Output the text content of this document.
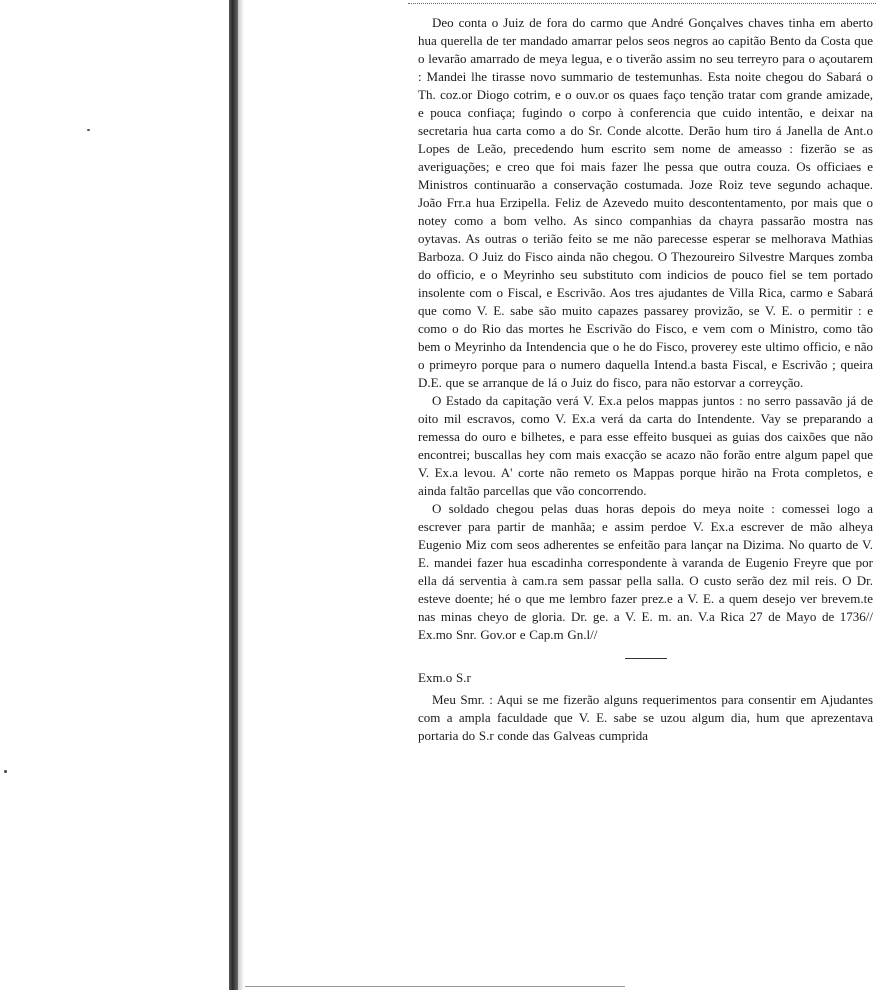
Deo conta o Juiz de fora do carmo que André Gonçalves chaves tinha em aberto hua querella de ter mandado amarrar pelos seos negros ao capitão Bento da Costa que o levarão amarrado de meya legua, e o tiverão assim no seu terreyro para o açoutarem : Mandei lhe tirasse novo summario de testemunhas. Esta noite chegou do Sabará o Th. coz.or Diogo cotrim, e o ouv.or os quaes faço tenção tratar com grande amizade, e pouca confiaça; fugindo o corpo à conferencia que cuido intentão, e deixar na secretaria hua carta como a do Sr. Conde alcotte. Derão hum tiro á Janella de Ant.o Lopes de Leão, precedendo hum escrito sem nome de ameasso : fizerão se as averiguações; e creo que foi mais fazer lhe pessa que outra couza. Os officiaes e Ministros continuarão a conservação costumada. Joze Roiz teve segundo achaque. João Frr.a hua Erzipella. Feliz de Azevedo muito descontentamento, por mais que o notey como a bom velho. As sinco companhias da chayra passarão mostra nas oytavas. As outras o terião feito se me não parecesse esperar se melhorava Mathias Barboza. O Juiz do Fisco ainda não chegou. O Thezoureiro Silvestre Marques zomba do officio, e o Meyrinho seu substituto com indicios de pouco fiel se tem portado insolente com o Fiscal, e Escrivão. Aos tres ajudantes de Villa Rica, carmo e Sabará que como V. E. sabe são muito capazes passarey provizão, se V. E. o permitir : e como o do Rio das mortes he Escrivão do Fisco, e vem com o Ministro, como tão bem o Meyrinho da Intendencia que o he do Fisco, proverey este ultimo officio, e não o primeyro porque para o numero daquella Intend.a basta Fiscal, e Escrivão ; queira D.E. que se arranque de lá o Juiz do fisco, para não estorvar a correyção.

O Estado da capitação verá V. Ex.a pelos mappas juntos : no serro passavão já de oito mil escravos, como V. Ex.a verá da carta do Intendente. Vay se preparando a remessa do ouro e bilhetes, e para esse effeito busquei as guias dos caixões que não encontrei; buscallas hey com mais exacção se acazo não forão entre algum papel que V. Ex.a levou. A' corte não remeto os Mappas porque hirão na Frota completos, e ainda faltão parcellas que vão concorrendo.

O soldado chegou pelas duas horas depois do meya noite : comessei logo a escrever para partir de manhãa; e assim perdoe V. Ex.a escrever de mão alheya Eugenio Miz com seos adherentes se enfeitão para lançar na Dizima. No quarto de V. E. mandei fazer hua escadinha correspondente à varanda de Eugenio Freyre que por ella dá serventia à cam.ra sem passar pella salla. O custo serão dez mil reis. O Dr. esteve doente; hé o que me lembro fazer prez.e a V. E. a quem desejo ver brevem.te nas minas cheyo de gloria. Dr. ge. a V. E. m. an. V.a Rica 27 de Mayo de 1736// Ex.mo Snr. Gov.or e Cap.m Gn.l//

Exm.o S.r

Meu Smr. : Aqui se me fizerão alguns requerimentos para consentir em Ajudantes com a ampla faculdade que V. E. sabe se uzou algum dia, hum que aprezentava portaria do S.r conde das Galveas cumprida
